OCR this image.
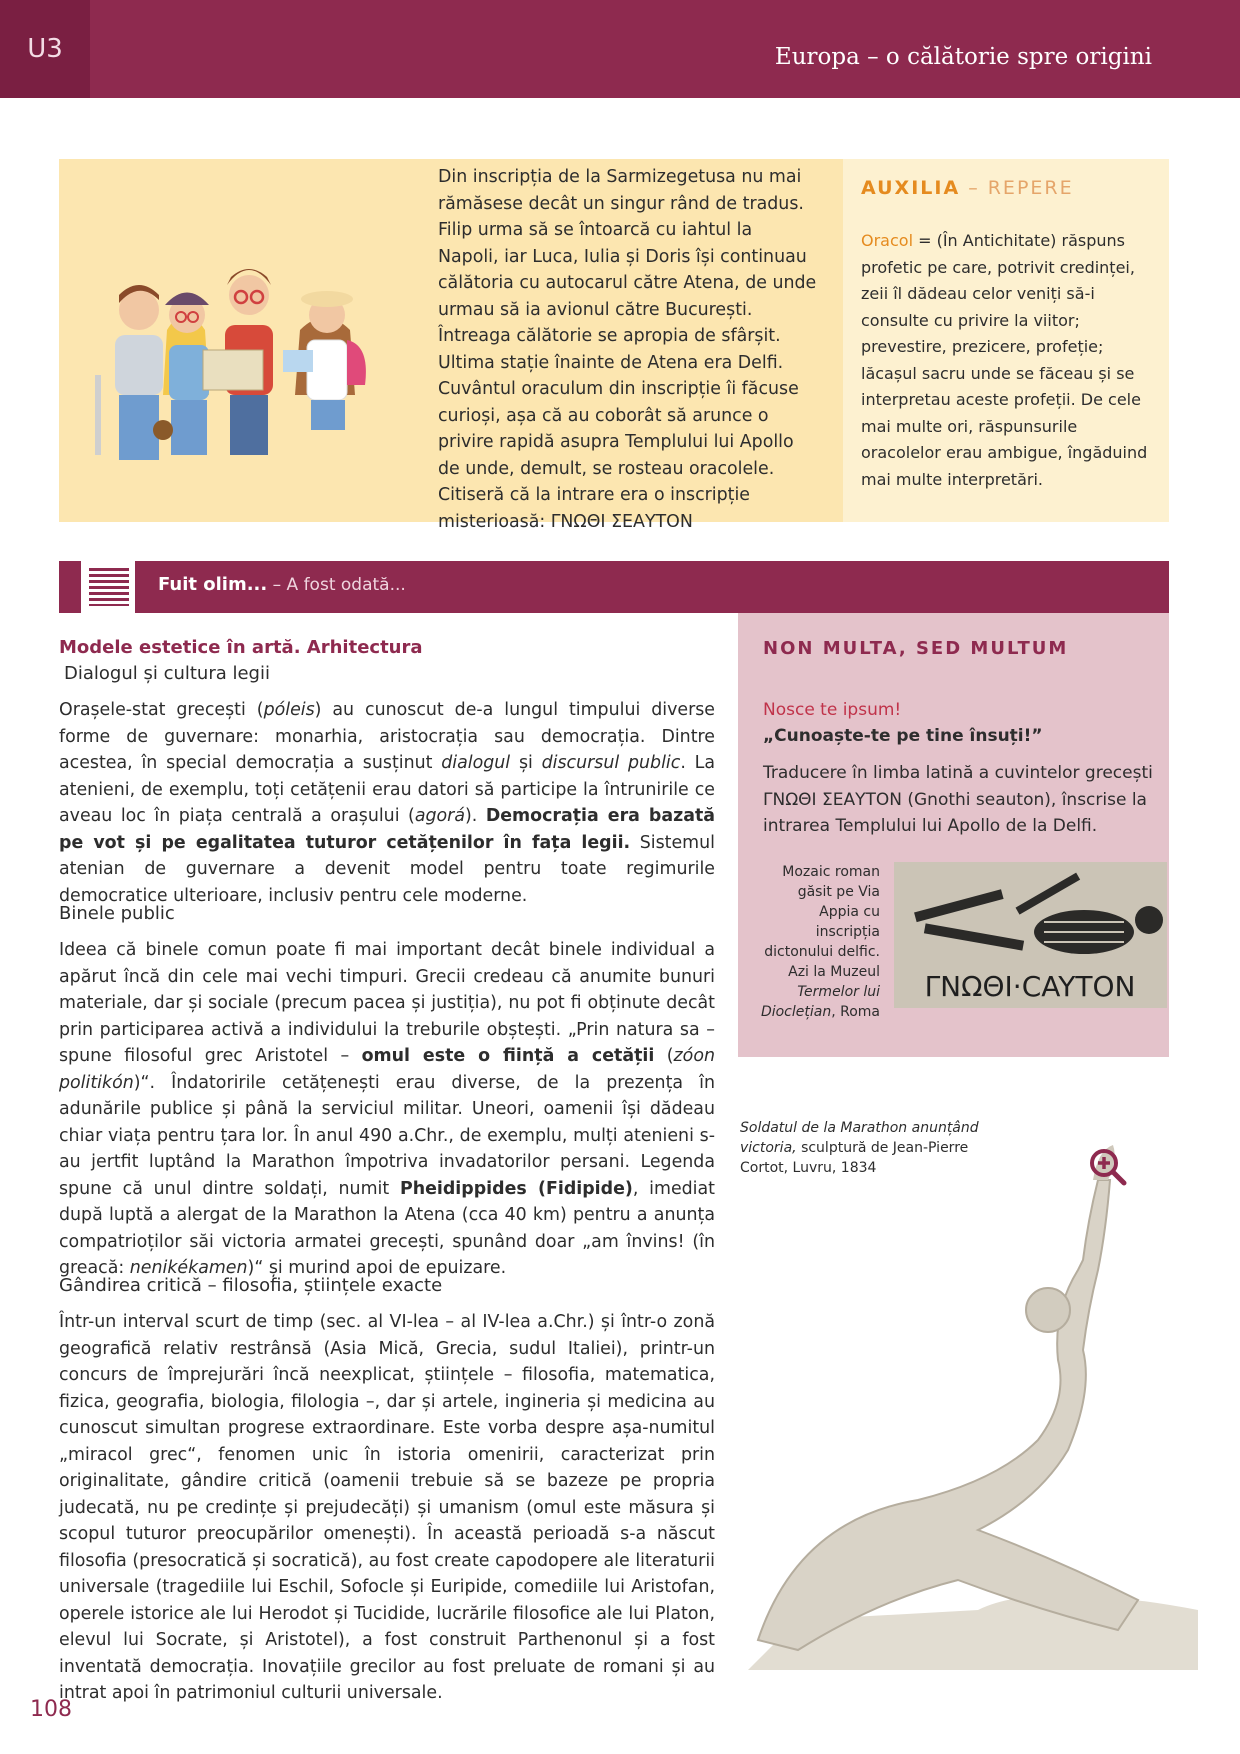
U3	Europa – o călătorie spre origini
Din inscripția de la Sarmizegetusa nu mai rămăsese decât un singur rând de tradus. Filip urma să se întoarcă cu iahtul la Napoli, iar Luca, Iulia și Doris își continuau călătoria cu autocarul către Atena, de unde urmau să ia avionul către București. Întreaga călătorie se apropia de sfârșit. Ultima stație înainte de Atena era Delfi. Cuvântul oraculum din inscripție îi făcuse curioși, așa că au coborât să arunce o privire rapidă asupra Templului lui Apollo de unde, demult, se rosteau oracolele. Citiseră că la intrare era o inscripție misterioasă: ΓΝΩΘΙ ΣΕΑΥΤΟΝ
AUXILIA – REPERE
Oracol = (În Antichitate) răspuns profetic pe care, potrivit credinței, zeii îl dădeau celor veniți să-i consulte cu privire la viitor; prevestire, prezicere, profeție; lăcașul sacru unde se făceau și se interpretau aceste profeții. De cele mai multe ori, răspunsurile oracolelor erau ambigue, îngăduind mai multe interpretări.
Fuit olim... – A fost odată...
Modele estetice în artă. Arhitectura
Dialogul și cultura legii
Orașele-stat grecești (póleis) au cunoscut de-a lungul timpului diverse forme de guvernare: monarhia, aristocrația sau democrația. Dintre acestea, în special democrația a susținut dialogul și discursul public. La atenieni, de exemplu, toți cetățenii erau datori să participe la întrunirile ce aveau loc în piața centrală a orașului (agorá). Democrația era bazată pe vot și pe egalitatea tuturor cetățenilor în fața legii. Sistemul atenian de guvernare a devenit model pentru toate regimurile democratice ulterioare, inclusiv pentru cele moderne.
Binele public
Ideea că binele comun poate fi mai important decât binele individual a apărut încă din cele mai vechi timpuri. Grecii credeau că anumite bunuri materiale, dar și sociale (precum pacea și justiția), nu pot fi obținute decât prin participarea activă a individului la treburile obștești. „Prin natura sa – spune filosoful grec Aristotel – omul este o ființă a cetății (zóon politikón)“. Îndatoririle cetățenești erau diverse, de la prezența în adunările publice și până la serviciul militar. Uneori, oamenii își dădeau chiar viața pentru țara lor. În anul 490 a.Chr., de exemplu, mulți atenieni s-au jertfit luptând la Marathon împotriva invadatorilor persani. Legenda spune că unul dintre soldați, numit Pheidippides (Fidipide), imediat după luptă a alergat de la Marathon la Atena (cca 40 km) pentru a anunța compatrioților săi victoria armatei grecești, spunând doar „am învins! (în greacă: nenikékamen)“ și murind apoi de epuizare.
Gândirea critică – filosofia, științele exacte
Într-un interval scurt de timp (sec. al VI-lea – al IV-lea a.Chr.) și într-o zonă geografică relativ restrânsă (Asia Mică, Grecia, sudul Italiei), printr-un concurs de împrejurări încă neexplicat, științele – filosofia, matematica, fizica, geografia, biologia, filologia –, dar și artele, ingineria și medicina au cunoscut simultan progrese extraordinare. Este vorba despre așa-numitul „miracol grec“, fenomen unic în istoria omenirii, caracterizat prin originalitate, gândire critică (oamenii trebuie să se bazeze pe propria judecată, nu pe credințe și prejudecăți) și umanism (omul este măsura și scopul tuturor preocupărilor omenești). În această perioadă s-a născut filosofia (presocratică și socratică), au fost create capodopere ale literaturii universale (tragediile lui Eschil, Sofocle și Euripide, comediile lui Aristofan, operele istorice ale lui Herodot și Tucidide, lucrările filosofice ale lui Platon, elevul lui Socrate, și Aristotel), a fost construit Parthenonul și a fost inventată democrația. Inovațiile grecilor au fost preluate de romani și au intrat apoi în patrimoniul culturii universale.
108
NON MULTA, SED MULTUM
Nosce te ipsum!
„Cunoaște-te pe tine însuți!”
Traducere în limba latină a cuvintelor grecești ΓΝΩΘΙ ΣΕΑΥΤΟΝ (Gnothi seauton), înscrise la intrarea Templului lui Apollo de la Delfi.
Mozaic roman găsit pe Via Appia cu inscripția dictonului delfic. Azi la Muzeul Termelor lui Dioclețian, Roma
ΓΝΩΘΙ·CAYTON
Soldatul de la Marathon anunțând victoria, sculptură de Jean-Pierre Cortot, Luvru, 1834
